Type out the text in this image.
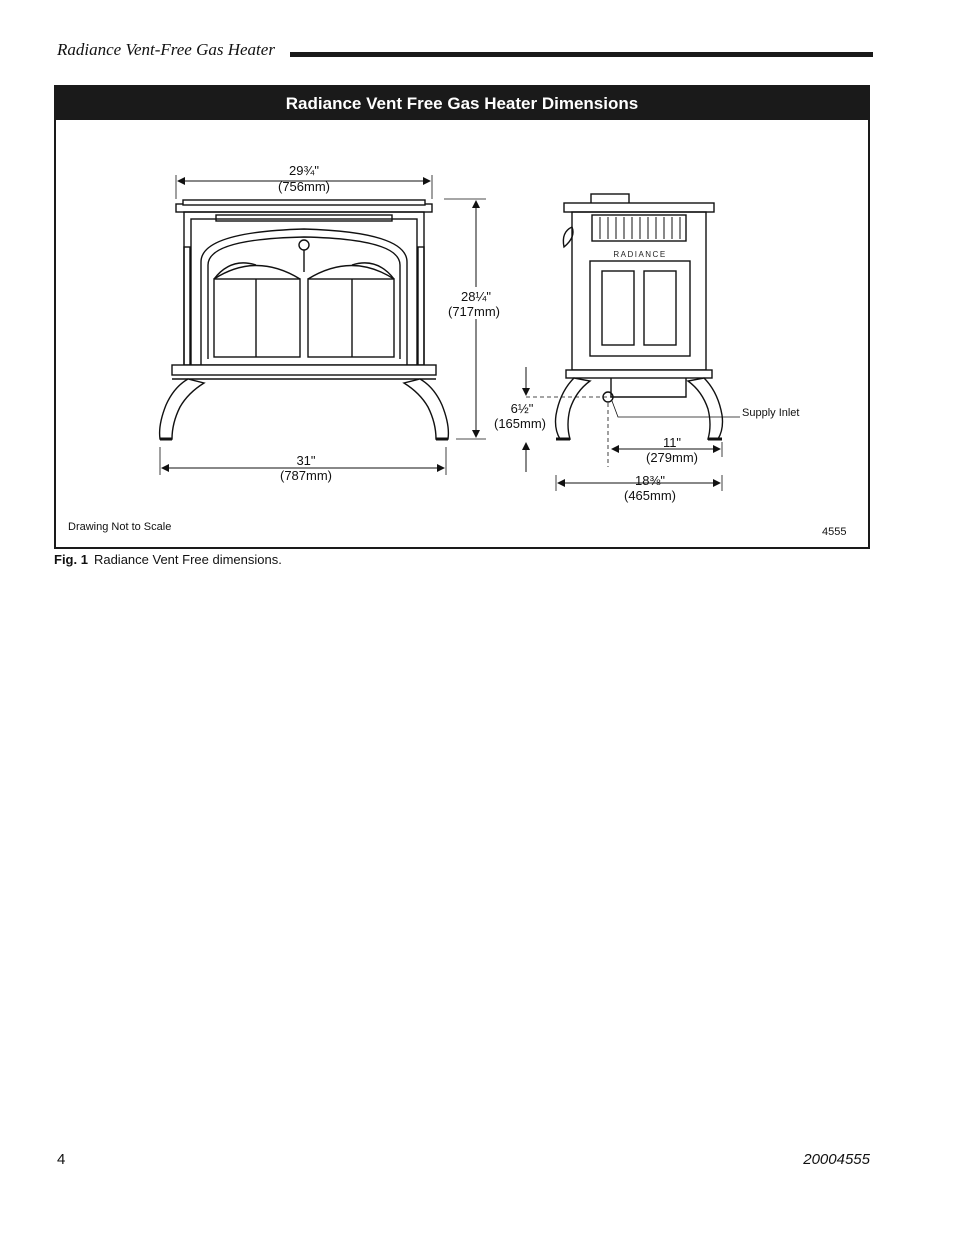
Radiance Vent-Free Gas Heater
Radiance Vent Free Gas Heater Dimensions
29¾"
(756mm)
31"
(787mm)
28¼"
(717mm)
RADIANCE
6½"
(165mm)
Supply Inlet
11"
(279mm)
18⅜"
(465mm)
Drawing Not to Scale	4555
Fig. 1 Radiance Vent Free dimensions.
4	20004555
